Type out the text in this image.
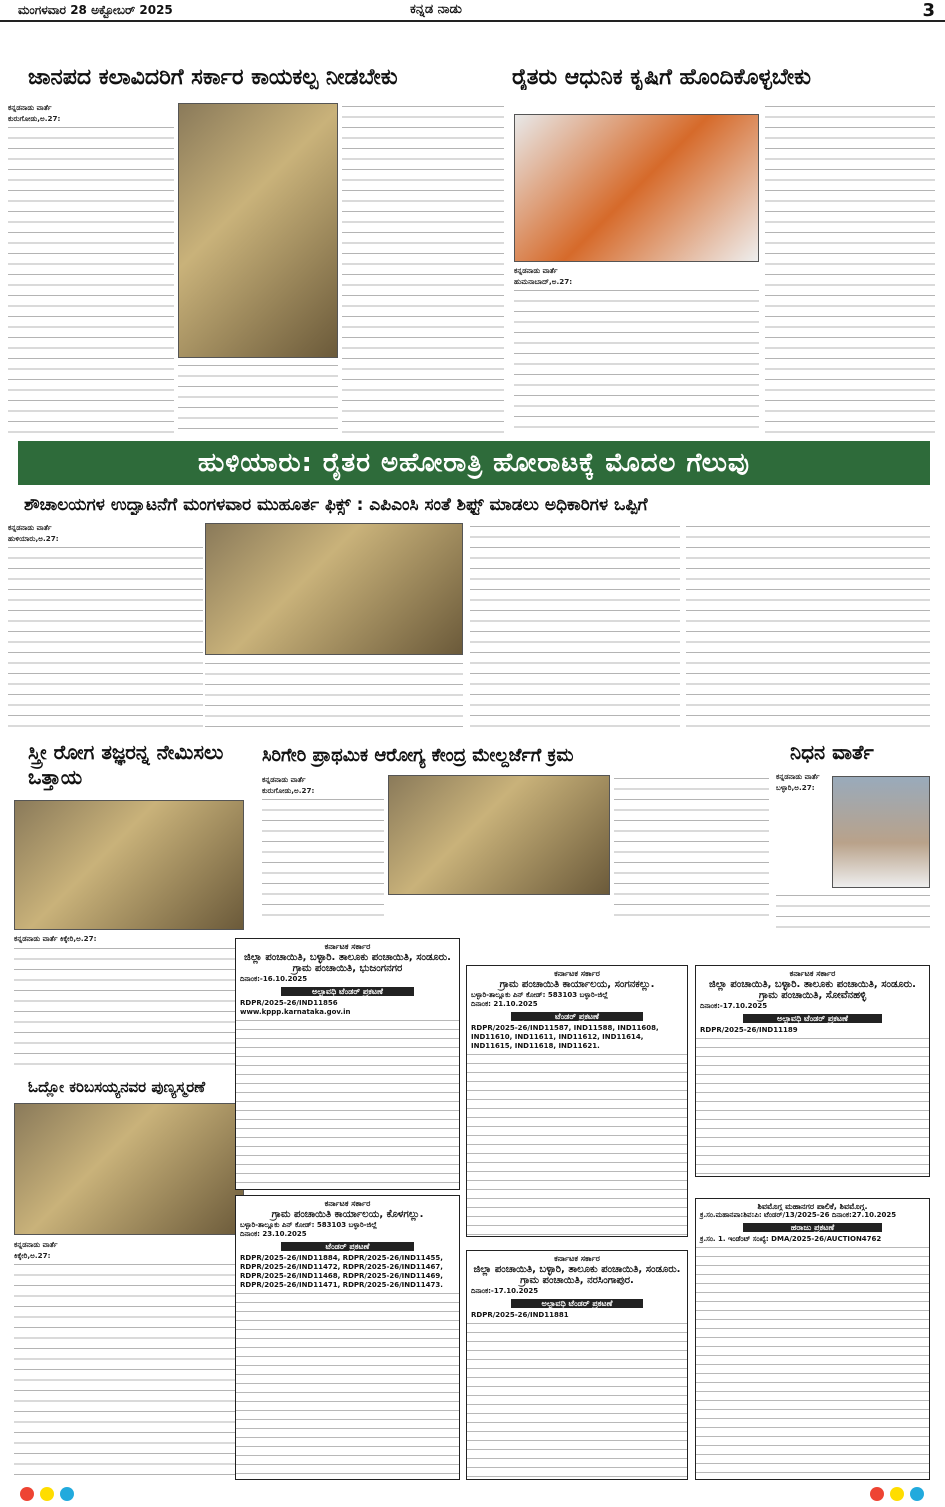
ಮಂಗಳವಾರ 28 ಅಕ್ಟೋಬರ್ 2025	ಕನ್ನಡ ನಾಡು	3
ಜಾನಪದ ಕಲಾವಿದರಿಗೆ ಸರ್ಕಾರ ಕಾಯಕಲ್ಪ ನೀಡಬೇಕು
ಕನ್ನಡನಾಡು ವಾರ್ತೆ
ಕುರುಗೋಡು,ಅ.27:
ರೈತರು ಆಧುನಿಕ ಕೃಷಿಗೆ ಹೊಂದಿಕೊಳ್ಳಬೇಕು
ಕನ್ನಡನಾಡು ವಾರ್ತೆ
ಹುಮನಾಬಾದ್,ಅ.27:
ಹುಳಿಯಾರು: ರೈತರ ಅಹೋರಾತ್ರಿ ಹೋರಾಟಕ್ಕೆ ಮೊದಲ ಗೆಲುವು
ಶೌಚಾಲಯಗಳ ಉದ್ಘಾಟನೆಗೆ ಮಂಗಳವಾರ ಮುಹೂರ್ತ ಫಿಕ್ಸ್ : ಎಪಿಎಂಸಿ ಸಂತೆ ಶಿಫ್ಟ್ ಮಾಡಲು ಅಧಿಕಾರಿಗಳ ಒಪ್ಪಿಗೆ
ಕನ್ನಡನಾಡು ವಾರ್ತೆ
ಹುಳಿಯಾರು,ಅ.27:
ಸ್ತ್ರೀ ರೋಗ ತಜ್ಞರನ್ನ ನೇಮಿಸಲು ಒತ್ತಾಯ
ಕನ್ನಡನಾಡು ವಾರ್ತೆ ಕಿಕ್ಕೇರಿ,ಅ.27:
ಓದ್ಲೋ ಕರಿಬಸಯ್ಯನವರ ಪುಣ್ಯಸ್ಮರಣೆ
ಕನ್ನಡನಾಡು ವಾರ್ತೆ
ಕಿಕ್ಕೇರಿ,ಅ.27:
ಸಿರಿಗೇರಿ ಪ್ರಾಥಮಿಕ ಆರೋಗ್ಯ ಕೇಂದ್ರ ಮೇಲ್ದರ್ಜೆಗೆ ಕ್ರಮ
ಕನ್ನಡನಾಡು ವಾರ್ತೆ
ಕುರುಗೋಡು,ಅ.27:
ನಿಧನ ವಾರ್ತೆ
ಕನ್ನಡನಾಡು ವಾರ್ತೆ
ಬಳ್ಳಾರಿ,ಅ.27:
ಕರ್ನಾಟಕ ಸರ್ಕಾರ
ಜಿಲ್ಲಾ ಪಂಚಾಯಿತಿ, ಬಳ್ಳಾರಿ. ತಾಲೂಕು ಪಂಚಾಯಿತಿ, ಸಂಡೂರು.
ಗ್ರಾಮ ಪಂಚಾಯಿತಿ, ಭುಜಂಗನಗರ
ದಿನಾಂಕ:-16.10.2025
ಅಲ್ಪಾವಧಿ ಟೆಂಡರ್ ಪ್ರಕಟಣೆ
RDPR/2025-26/IND11856
www.kppp.karnataka.gov.in
ಕರ್ನಾಟಕ ಸರ್ಕಾರ
ಗ್ರಾಮ ಪಂಚಾಯಿತಿ ಕಾರ್ಯಾಲಯ, ಸಂಗನಕಲ್ಲು.
ಬಳ್ಳಾರಿ-ತಾಲ್ಲೂಕು ಪಿನ್ ಕೋಡ್: 583103 ಬಳ್ಳಾರಿ-ಜಿಲ್ಲೆ
ದಿನಾಂಕ: 21.10.2025
ಟೆಂಡರ್ ಪ್ರಕಟಣೆ
RDPR/2025-26/IND11587, IND11588, IND11608, IND11610, IND11611, IND11612, IND11614, IND11615, IND11618, IND11621.
ಕರ್ನಾಟಕ ಸರ್ಕಾರ
ಜಿಲ್ಲಾ ಪಂಚಾಯಿತಿ, ಬಳ್ಳಾರಿ. ತಾಲೂಕು ಪಂಚಾಯಿತಿ, ಸಂಡೂರು.
ಗ್ರಾಮ ಪಂಚಾಯಿತಿ, ಸೋವೆನಹಳ್ಳಿ
ದಿನಾಂಕ:-17.10.2025
ಅಲ್ಪಾವಧಿ ಟೆಂಡರ್ ಪ್ರಕಟಣೆ
RDPR/2025-26/IND11189
ಕರ್ನಾಟಕ ಸರ್ಕಾರ
ಗ್ರಾಮ ಪಂಚಾಯಿತಿ ಕಾರ್ಯಾಲಯ, ಕೊಳಗಲ್ಲು.
ಬಳ್ಳಾರಿ-ತಾಲ್ಲೂಕು ಪಿನ್ ಕೋಡ್: 583103 ಬಳ್ಳಾರಿ-ಜಿಲ್ಲೆ
ದಿನಾಂಕ: 23.10.2025
ಟೆಂಡರ್ ಪ್ರಕಟಣೆ
RDPR/2025-26/IND11884, RDPR/2025-26/IND11455, RDPR/2025-26/IND11472, RDPR/2025-26/IND11467, RDPR/2025-26/IND11468, RDPR/2025-26/IND11469, RDPR/2025-26/IND11471, RDPR/2025-26/IND11473.
ಕರ್ನಾಟಕ ಸರ್ಕಾರ
ಜಿಲ್ಲಾ ಪಂಚಾಯಿತಿ, ಬಳ್ಳಾರಿ, ತಾಲೂಕು ಪಂಚಾಯಿತಿ, ಸಂಡೂರು.
ಗ್ರಾಮ ಪಂಚಾಯಿತಿ, ನರಸಿಂಗಾಪುರ.
ದಿನಾಂಕ:-17.10.2025
ಅಲ್ಪಾವಧಿ ಟೆಂಡರ್ ಪ್ರಕಟಣೆ
RDPR/2025-26/IND11881
ಶಿವಮೊಗ್ಗ ಮಹಾನಗರ ಪಾಲಿಕೆ, ಶಿವಮೊಗ್ಗ.
ಕ್ರ.ಸಂ.ಮಹಾನಪಾ:ಶಿವ:ಪಿ: ಟೆಂಡರ್/13/2025-26 ದಿನಾಂಕ:27.10.2025
ಹರಾಜು ಪ್ರಕಟಣೆ
ಕ್ರ.ಸಂ. 1. ಇಂಡೆಂಟ್ ಸಂಖ್ಯೆ: DMA/2025-26/AUCTION4762
